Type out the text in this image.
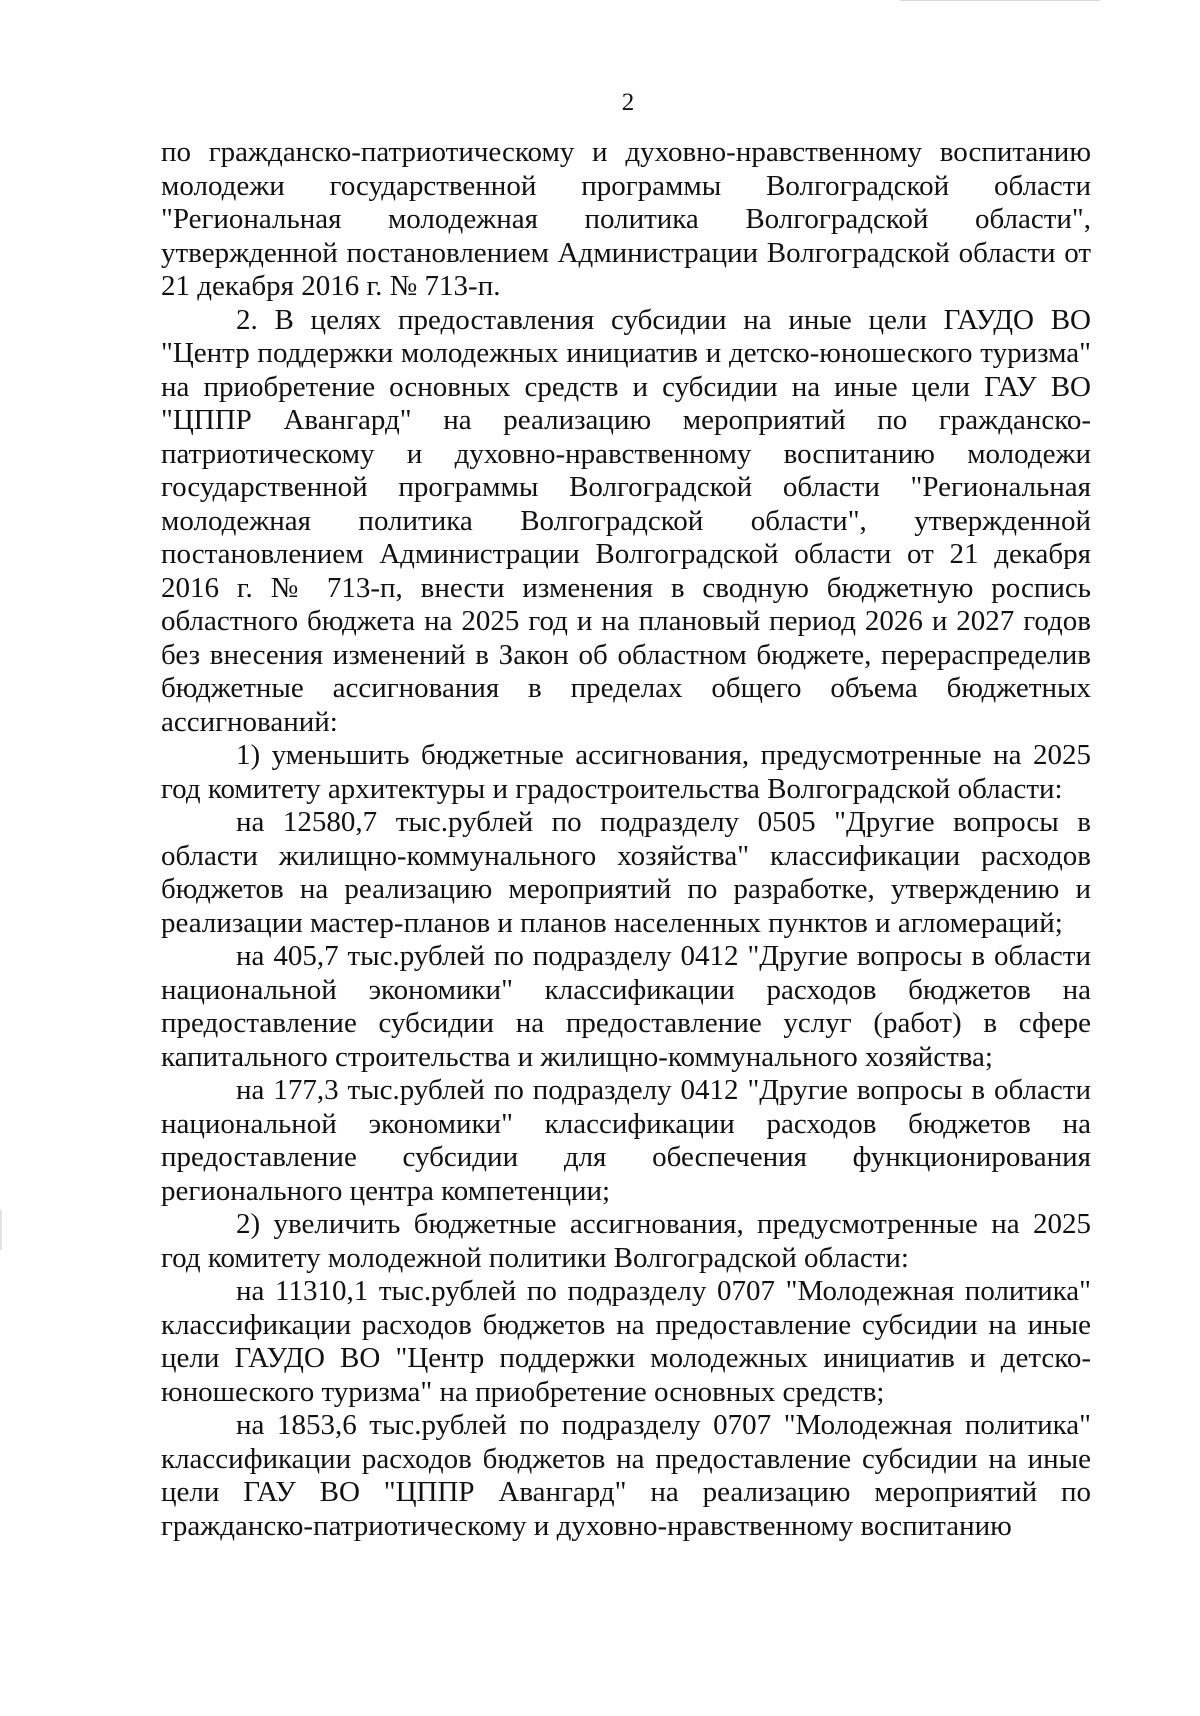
2

по гражданско-патриотическому и духовно-нравственному воспитанию молодежи государственной программы Волгоградской области "Региональная молодежная политика Волгоградской области", утвержденной постановлением Администрации Волгоградской области от 21 декабря 2016 г. № 713-п.

2. В целях предоставления субсидии на иные цели ГАУДО ВО "Центр поддержки молодежных инициатив и детско-юношеского туризма" на приобретение основных средств и субсидии на иные цели ГАУ ВО "ЦППР Авангард" на реализацию мероприятий по гражданско-патриотическому и духовно-нравственному воспитанию молодежи государственной программы Волгоградской области "Региональная молодежная политика Волгоградской области", утвержденной постановлением Администрации Волгоградской области от 21 декабря 2016 г. № 713-п, внести изменения в сводную бюджетную роспись областного бюджета на 2025 год и на плановый период 2026 и 2027 годов без внесения изменений в Закон об областном бюджете, перераспределив бюджетные ассигнования в пределах общего объема бюджетных ассигнований:

1) уменьшить бюджетные ассигнования, предусмотренные на 2025 год комитету архитектуры и градостроительства Волгоградской области:

на 12580,7 тыс.рублей по подразделу 0505 "Другие вопросы в области жилищно-коммунального хозяйства" классификации расходов бюджетов на реализацию мероприятий по разработке, утверждению и реализации мастер-планов и планов населенных пунктов и агломераций;

на 405,7 тыс.рублей по подразделу 0412 "Другие вопросы в области национальной экономики" классификации расходов бюджетов на предоставление субсидии на предоставление услуг (работ) в сфере капитального строительства и жилищно-коммунального хозяйства;

на 177,3 тыс.рублей по подразделу 0412 "Другие вопросы в области национальной экономики" классификации расходов бюджетов на предоставление субсидии для обеспечения функционирования регионального центра компетенции;

2) увеличить бюджетные ассигнования, предусмотренные на 2025 год комитету молодежной политики Волгоградской области:

на 11310,1 тыс.рублей по подразделу 0707 "Молодежная политика" классификации расходов бюджетов на предоставление субсидии на иные цели ГАУДО ВО "Центр поддержки молодежных инициатив и детско-юношеского туризма" на приобретение основных средств;

на 1853,6 тыс.рублей по подразделу 0707 "Молодежная политика" классификации расходов бюджетов на предоставление субсидии на иные цели ГАУ ВО "ЦППР Авангард" на реализацию мероприятий по гражданско-патриотическому и духовно-нравственному воспитанию
